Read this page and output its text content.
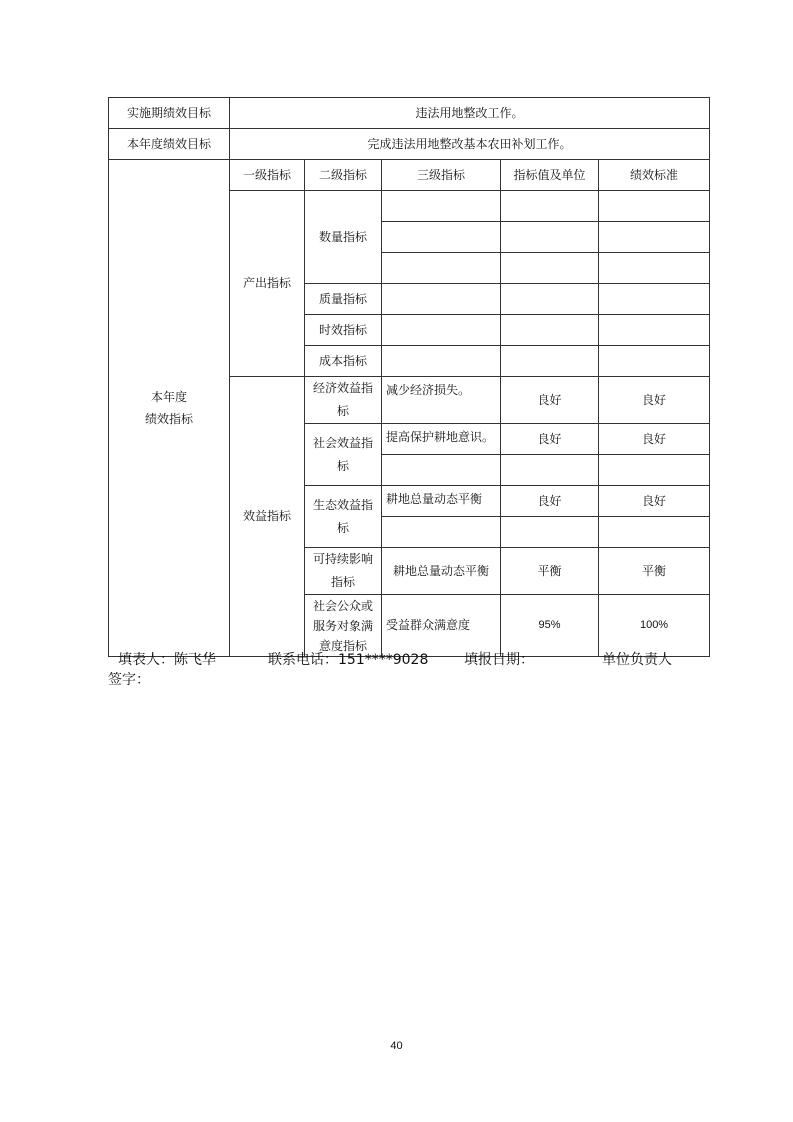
实施期绩效目标	违法用地整改工作。				
本年度绩效目标	完成违法用地整改基本农田补划工作。				

本年度
绩效指标	一级指标	二级指标	三级指标	指标值及单位	绩效标准
	产出指标	数量指标			

		质量指标			
		时效指标			
		成本指标			
	效益指标	经济效益指标	减少经济损失。	良好	良好
		社会效益指标	提高保护耕地意识。	良好	良好

		生态效益指标	耕地总量动态平衡	良好	良好

		可持续影响指标	耕地总量动态平衡	平衡	平衡
		社会公众或服务对象满意度指标	受益群众满意度	95%	100%
填表人：陈飞华	联系电话：151****9028	填报日期：	单位负责人
签字：
40
